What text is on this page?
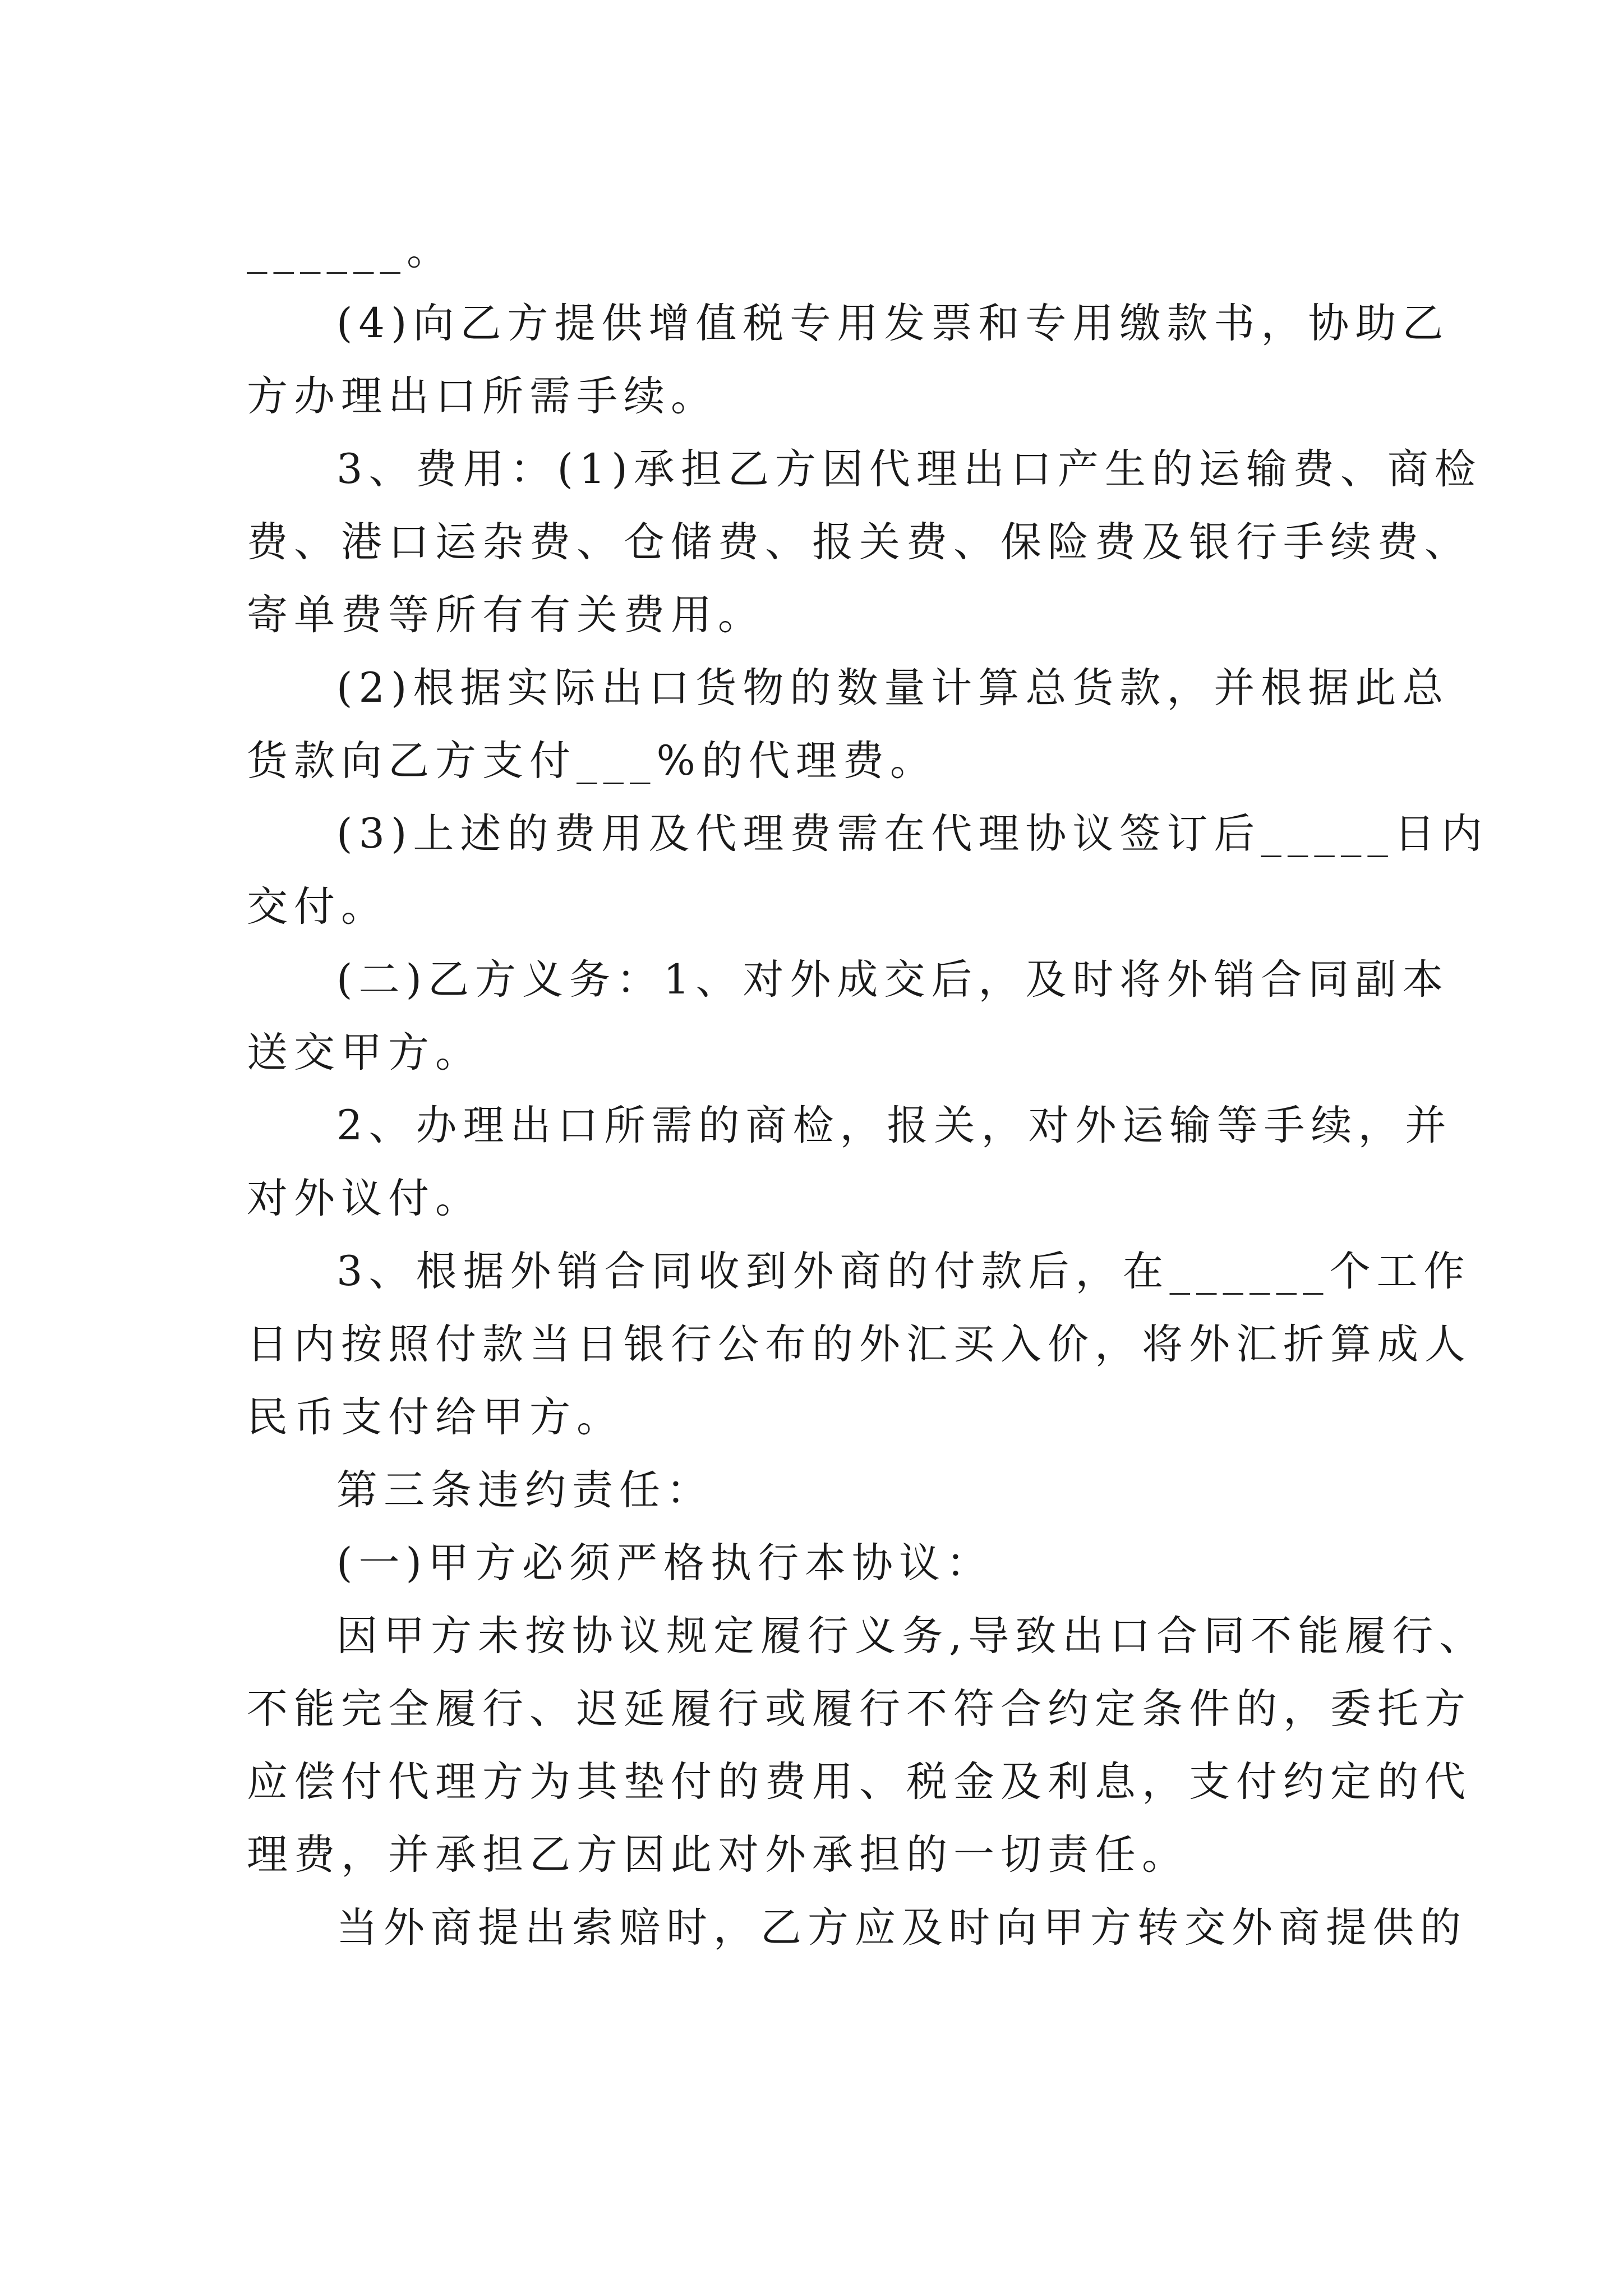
______。
(4)向乙方提供增值税专用发票和专用缴款书，协助乙
方办理出口所需手续。
3、费用：(1)承担乙方因代理出口产生的运输费、商检
费、港口运杂费、仓储费、报关费、保险费及银行手续费、
寄单费等所有有关费用。
(2)根据实际出口货物的数量计算总货款，并根据此总
货款向乙方支付___%的代理费。
(3)上述的费用及代理费需在代理协议签订后_____日内
交付。
(二)乙方义务：1、对外成交后，及时将外销合同副本
送交甲方。
2、办理出口所需的商检，报关，对外运输等手续，并
对外议付。
3、根据外销合同收到外商的付款后，在______个工作
日内按照付款当日银行公布的外汇买入价，将外汇折算成人
民币支付给甲方。
第三条违约责任：
(一)甲方必须严格执行本协议：
因甲方未按协议规定履行义务,导致出口合同不能履行、
不能完全履行、迟延履行或履行不符合约定条件的，委托方
应偿付代理方为其垫付的费用、税金及利息，支付约定的代
理费，并承担乙方因此对外承担的一切责任。
当外商提出索赔时，乙方应及时向甲方转交外商提供的
